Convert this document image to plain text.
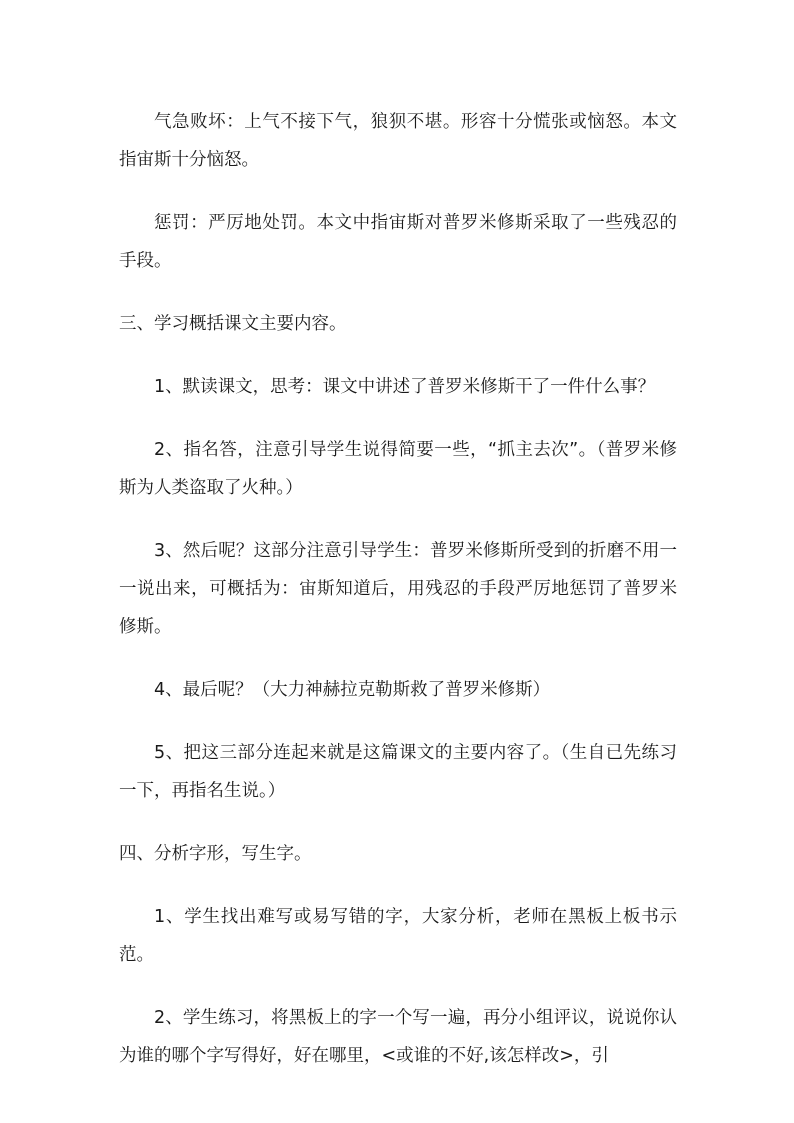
气急败坏：上气不接下气，狼狈不堪。形容十分慌张或恼怒。本文指宙斯十分恼怒。

惩罚：严厉地处罚。本文中指宙斯对普罗米修斯采取了一些残忍的手段。

三、学习概括课文主要内容。

1、默读课文，思考：课文中讲述了普罗米修斯干了一件什么事？

2、指名答，注意引导学生说得简要一些，“抓主去次”。（普罗米修斯为人类盗取了火种。）

3、然后呢？这部分注意引导学生：普罗米修斯所受到的折磨不用一一说出来，可概括为：宙斯知道后，用残忍的手段严厉地惩罚了普罗米修斯。

4、最后呢？（大力神赫拉克勒斯救了普罗米修斯）

5、把这三部分连起来就是这篇课文的主要内容了。（生自已先练习一下，再指名生说。）

四、分析字形，写生字。

1、学生找出难写或易写错的字，大家分析，老师在黑板上板书示范。

2、学生练习，将黑板上的字一个写一遍，再分小组评议，说说你认为谁的哪个字写得好，好在哪里，<或谁的不好,该怎样改>，引
